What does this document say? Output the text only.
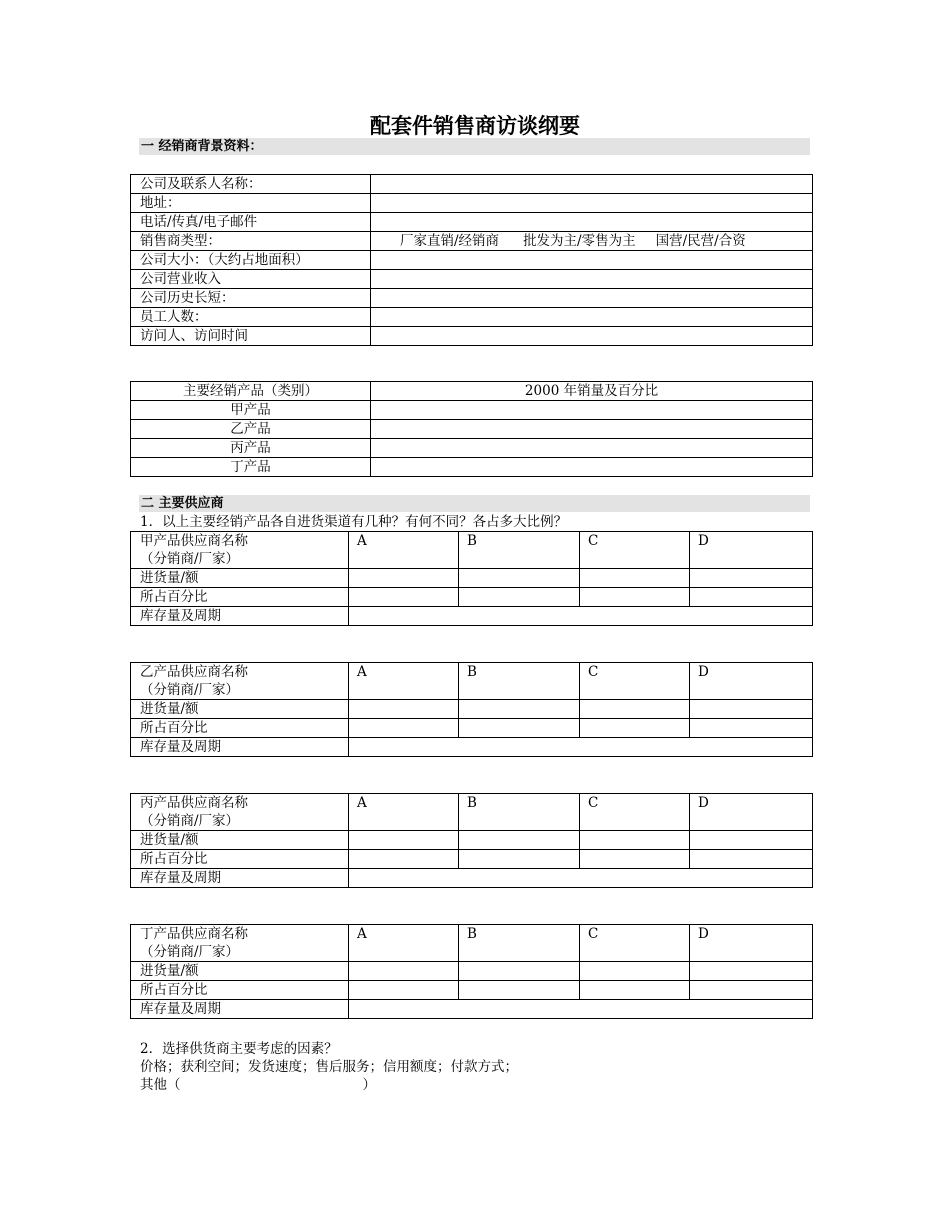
配套件销售商访谈纲要
一 经销商背景资料：
公司及联系人名称：	
地址：	
电话/传真/电子邮件	
销售商类型：	厂家直销/经销商 批发为主/零售为主 国营/民营/合资
公司大小：（大约占地面积）	
公司营业收入	
公司历史长短：	
员工人数：	
访问人、访问时间	
主要经销产品（类别）	2000 年销量及百分比
甲产品	
乙产品	
丙产品	
丁产品	
二 主要供应商
1．以上主要经销产品各自进货渠道有几种？有何不同？各占多大比例？
甲产品供应商名称
（分销商/厂家）	A	B	C	D
进货量/额				
所占百分比				
库存量及周期				
乙产品供应商名称
（分销商/厂家）	A	B	C	D
进货量/额				
所占百分比				
库存量及周期				
丙产品供应商名称
（分销商/厂家）	A	B	C	D
进货量/额				
所占百分比				
库存量及周期				
丁产品供应商名称
（分销商/厂家）	A	B	C	D
进货量/额				
所占百分比				
库存量及周期				
2．选择供货商主要考虑的因素？
价格；获利空间；发货速度；售后服务；信用额度；付款方式；
其他（	）
